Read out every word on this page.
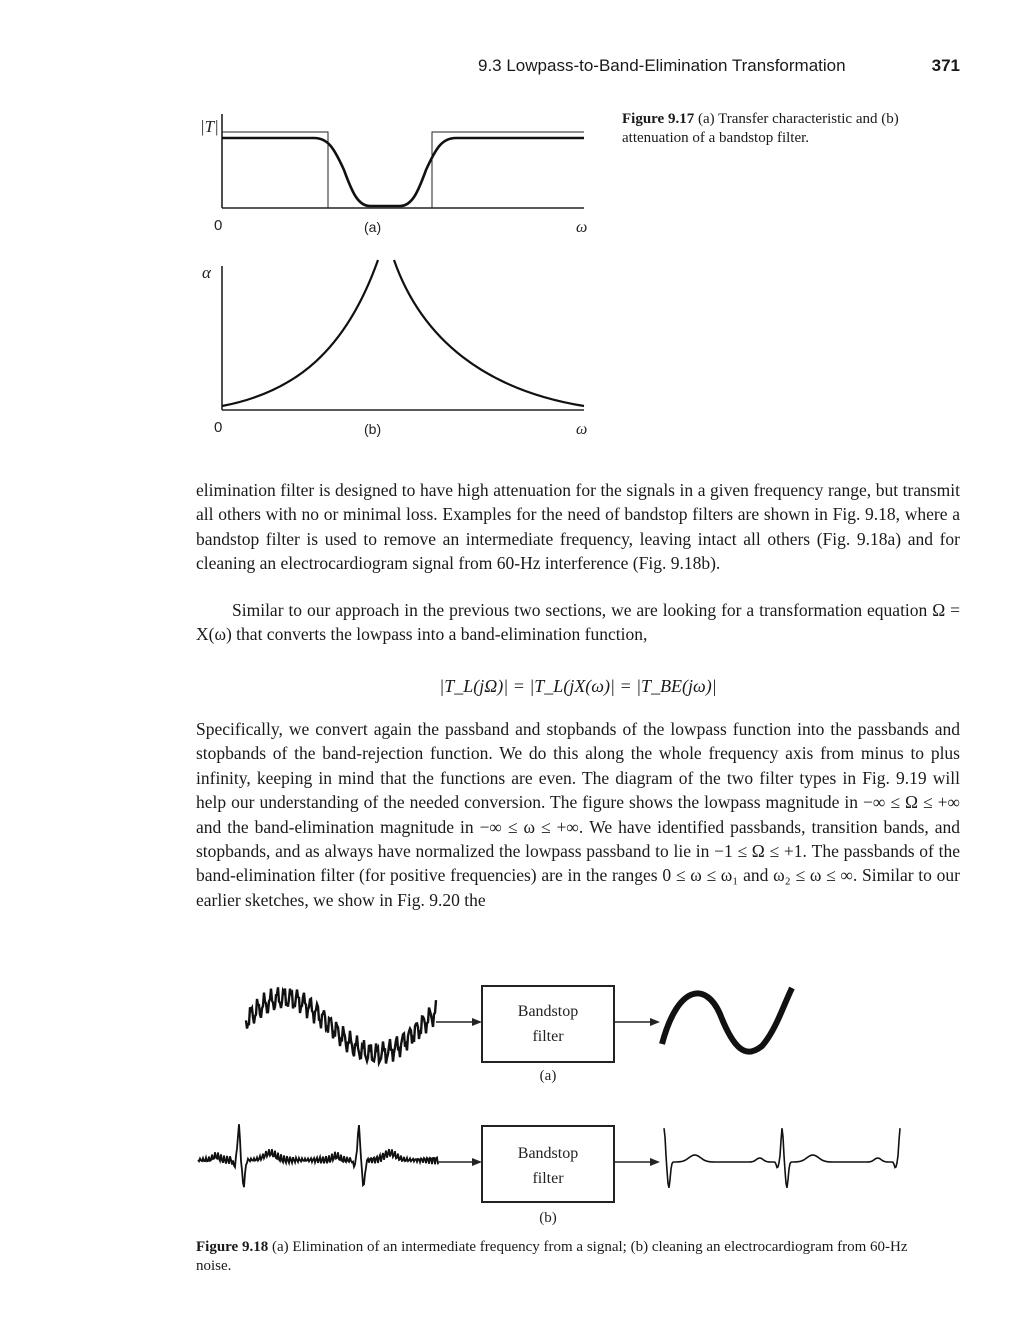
9.3 Lowpass-to-Band-Elimination Transformation	371
|T|
0	(a)	ω
α
0	(b)	ω
Figure 9.17 (a) Transfer characteristic and (b) attenuation of a bandstop filter.

elimination filter is designed to have high attenuation for the signals in a given frequency range, but transmit all others with no or minimal loss. Examples for the need of bandstop filters are shown in Fig. 9.18, where a bandstop filter is used to remove an intermediate frequency, leaving intact all others (Fig. 9.18a) and for cleaning an electrocardiogram signal from 60-Hz interference (Fig. 9.18b).

Similar to our approach in the previous two sections, we are looking for a transformation equation Ω = X(ω) that converts the lowpass into a band-elimination function,

|T_L(jΩ)| = |T_L(jX(ω)| = |T_BE(jω)|

Specifically, we convert again the passband and stopbands of the lowpass function into the passbands and stopbands of the band-rejection function. We do this along the whole frequency axis from minus to plus infinity, keeping in mind that the functions are even. The diagram of the two filter types in Fig. 9.19 will help our understanding of the needed conversion. The figure shows the lowpass magnitude in −∞ ≤ Ω ≤ +∞ and the band-elimination magnitude in −∞ ≤ ω ≤ +∞. We have identified passbands, transition bands, and stopbands, and as always have normalized the lowpass passband to lie in −1 ≤ Ω ≤ +1. The passbands of the band-elimination filter (for positive frequencies) are in the ranges 0 ≤ ω ≤ ω₁ and ω₂ ≤ ω ≤ ∞. Similar to our earlier sketches, we show in Fig. 9.20 the

Bandstop
filter
(a)
Bandstop
filter
(b)
Figure 9.18 (a) Elimination of an intermediate frequency from a signal; (b) cleaning an electrocardiogram from 60-Hz noise.
